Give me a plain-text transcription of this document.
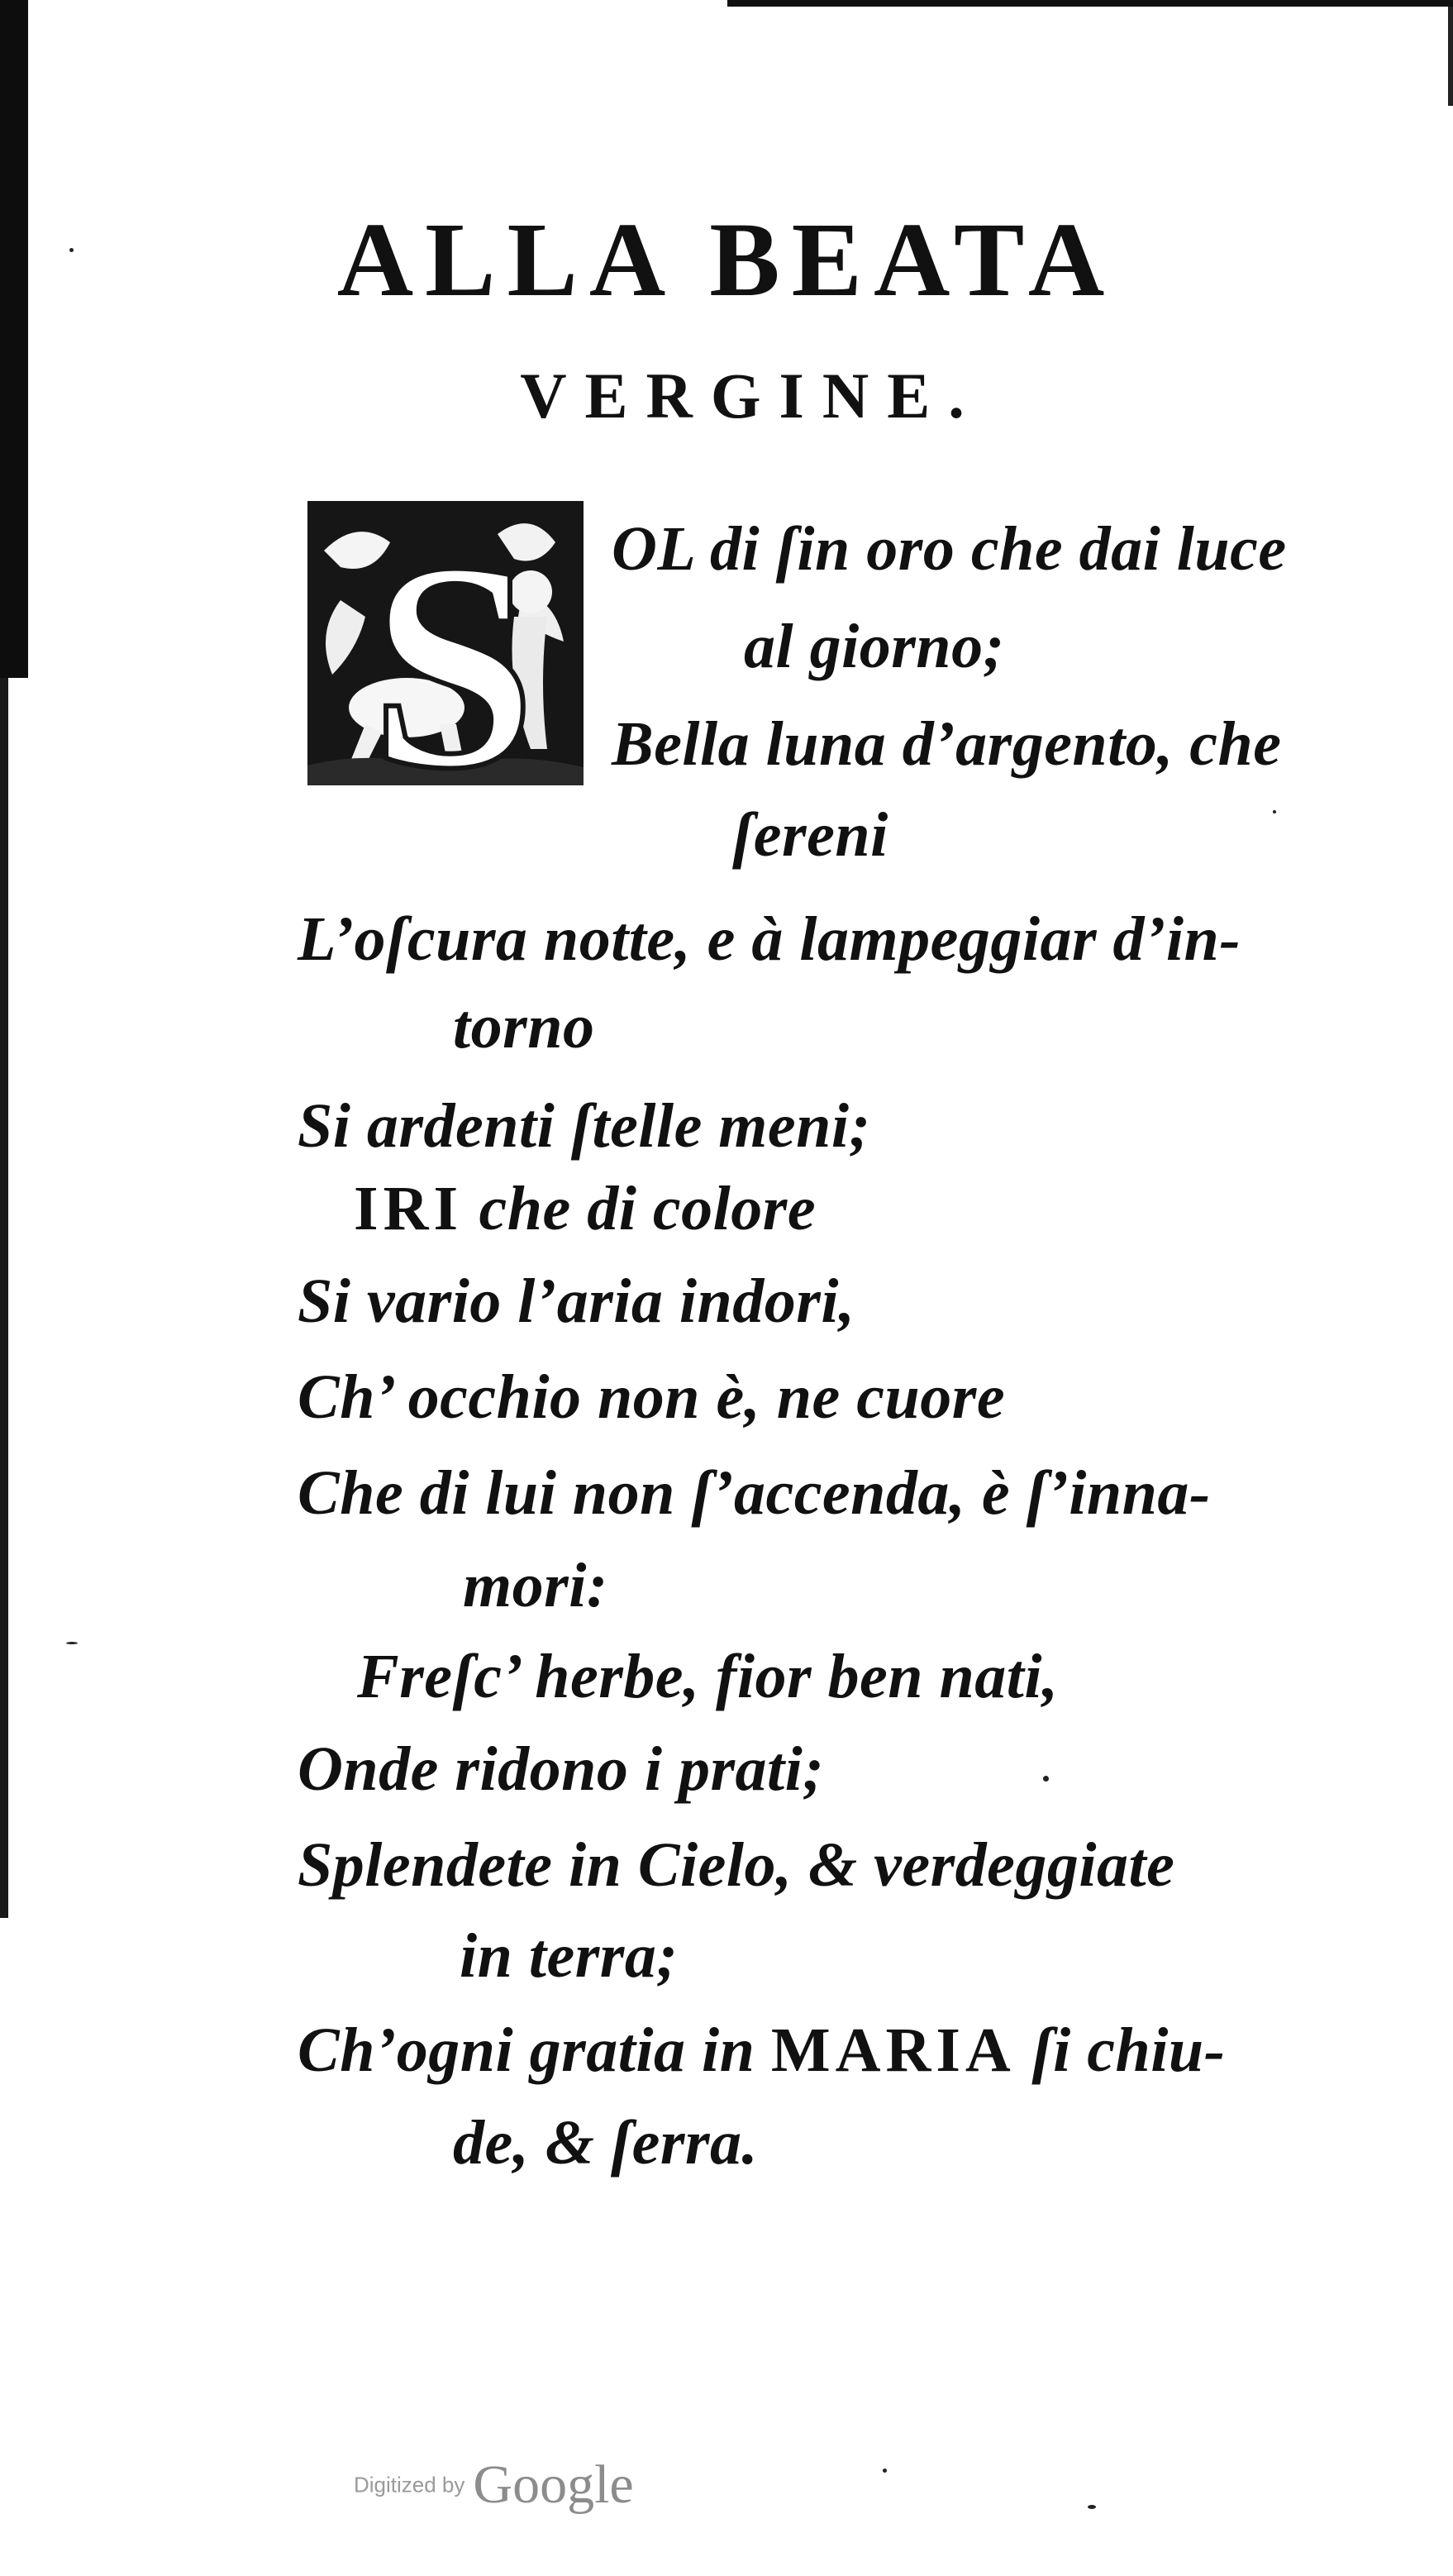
ALLA BEATA
VERGINE.
S OL di ſin oro che dai luce
al giorno;
Bella luna d’argento, che
ſereni
L’oſcura notte, e à lampeggiar d’in-
torno
Si ardenti ſtelle meni;
IRI che di colore
Si vario l’aria indori,
Ch’ occhio non è, ne cuore
Che di lui non ſ’accenda, è ſ’inna-
mori:
Freſc’ herbe, fior ben nati,
Onde ridono i prati;
Splendete in Cielo, & verdeggiate
in terra;
Ch’ogni gratia in MARIA ſi chiu-
de, & ſerra.
Digitized by Google
